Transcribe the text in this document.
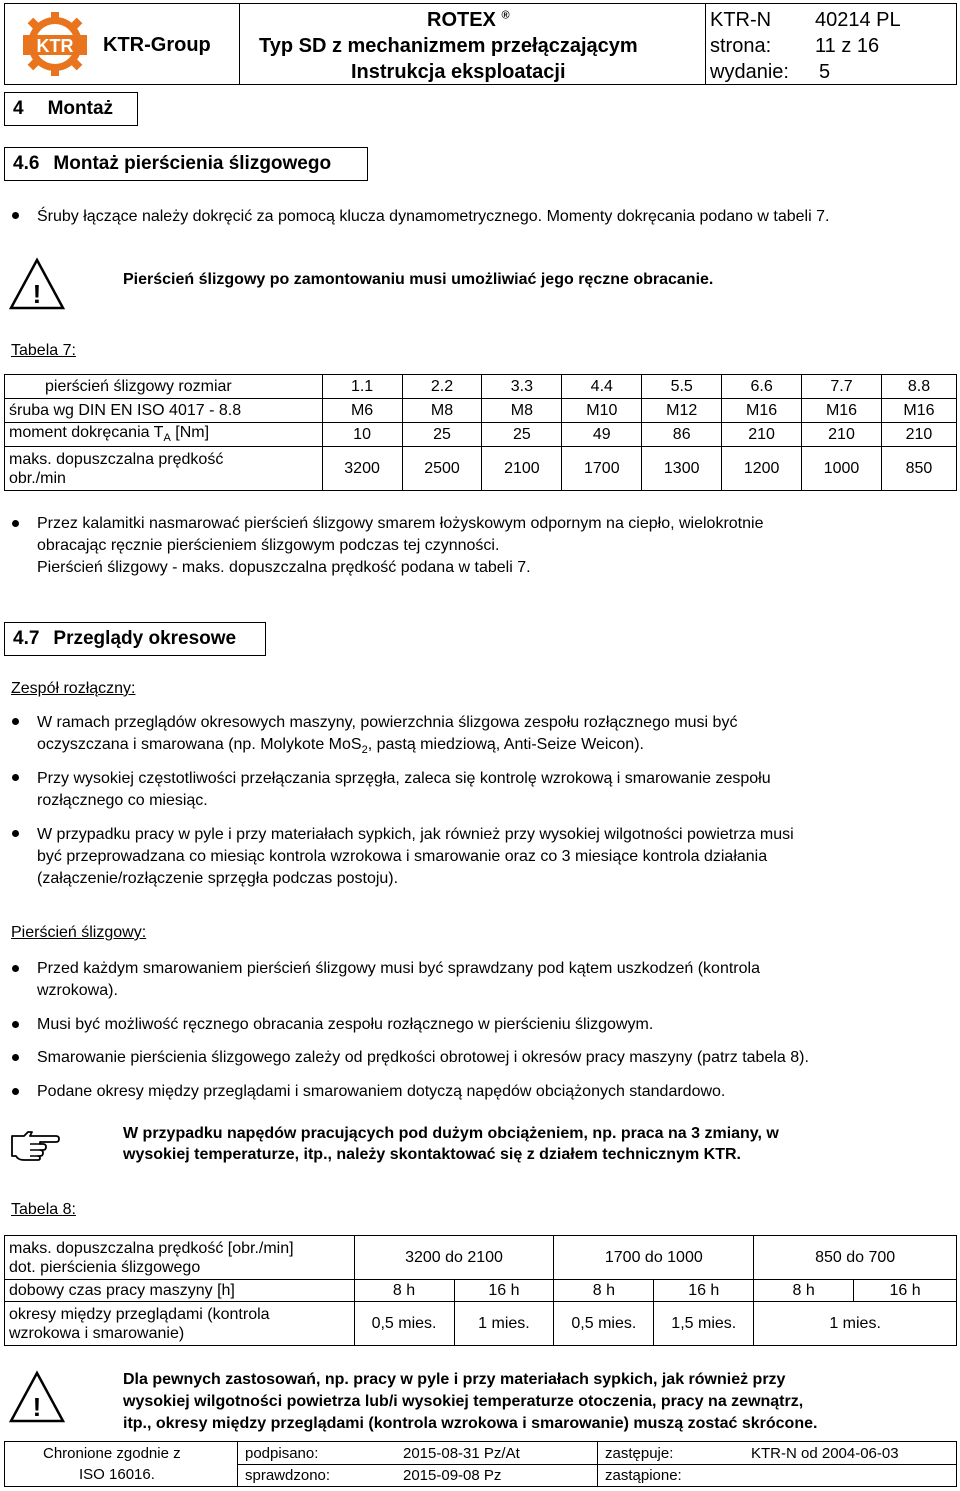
KTR KTR-Group
ROTEX ®
Typ SD z mechanizmem przełączającym
Instrukcja eksploatacji
KTR-N 40214 PL
strona: 11 z 16
wydanie: 5
4 Montaż
4.6 Montaż pierścienia ślizgowego
Śruby łączące należy dokręcić za pomocą klucza dynamometrycznego. Momenty dokręcania podano w tabeli 7.
!	Pierścień ślizgowy po zamontowaniu musi umożliwiać jego ręczne obracanie.
Tabela 7:
pierścień ślizgowy rozmiar	1.1	2.2	3.3	4.4	5.5	6.6	7.7	8.8
śruba wg DIN EN ISO 4017 - 8.8	M6	M8	M8	M10	M12	M16	M16	M16
moment dokręcania $T_A$ [Nm]	10	25	25	49	86	210	210	210
maks. dopuszczalna prędkość obr./min	3200	2500	2100	1700	1300	1200	1000	850
Przez kalamitki nasmarować pierścień ślizgowy smarem łożyskowym odpornym na ciepło, wielokrotnie
obracając ręcznie pierścieniem ślizgowym podczas tej czynności.
Pierścień ślizgowy - maks. dopuszczalna prędkość podana w tabeli 7.
4.7 Przeglądy okresowe
Zespół rozłączny:
W ramach przeglądów okresowych maszyny, powierzchnia ślizgowa zespołu rozłącznego musi być
oczyszczana i smarowana (np. Molykote MoS$_2$, pastą miedziową, Anti-Seize Weicon).
Przy wysokiej częstotliwości przełączania sprzęgła, zaleca się kontrolę wzrokową i smarowanie zespołu
rozłącznego co miesiąc.
W przypadku pracy w pyle i przy materiałach sypkich, jak również przy wysokiej wilgotności powietrza musi
być przeprowadzana co miesiąc kontrola wzrokowa i smarowanie oraz co 3 miesiące kontrola działania
(załączenie/rozłączenie sprzęgła podczas postoju).
Pierścień ślizgowy:
Przed każdym smarowaniem pierścień ślizgowy musi być sprawdzany pod kątem uszkodzeń (kontrola
wzrokowa).
Musi być możliwość ręcznego obracania zespołu rozłącznego w pierścieniu ślizgowym.
Smarowanie pierścienia ślizgowego zależy od prędkości obrotowej i okresów pracy maszyny (patrz tabela 8).
Podane okresy między przeglądami i smarowaniem dotyczą napędów obciążonych standardowo.
W przypadku napędów pracujących pod dużym obciążeniem, np. praca na 3 zmiany, w
wysokiej temperaturze, itp., należy skontaktować się z działem technicznym KTR.
Tabela 8:
maks. dopuszczalna prędkość [obr./min]
dot. pierścienia ślizgowego	3200 do 2100		1700 do 1000		850 do 700	
dobowy czas pracy maszyny [h]	8 h	16 h	8 h	16 h	8 h	16 h

okresy między przeglądami (kontrola
wzrokowa i smarowanie)	0,5 mies.	1 mies.	0,5 mies.	1,5 mies.	1 mies.	
!
Dla pewnych zastosowań, np. pracy w pyle i przy materiałach sypkich, jak również przy
wysokiej wilgotności powietrza lub/i wysokiej temperaturze otoczenia, pracy na zewnątrz,
itp., okresy między przeglądami (kontrola wzrokowa i smarowanie) muszą zostać skrócone.
Chronione zgodnie z
ISO 16016.
podpisano:	2015-08-31 Pz/At
sprawdzono:	2015-09-08 Pz
zastępuje:	KTR-N od 2004-06-03
zastąpione:
